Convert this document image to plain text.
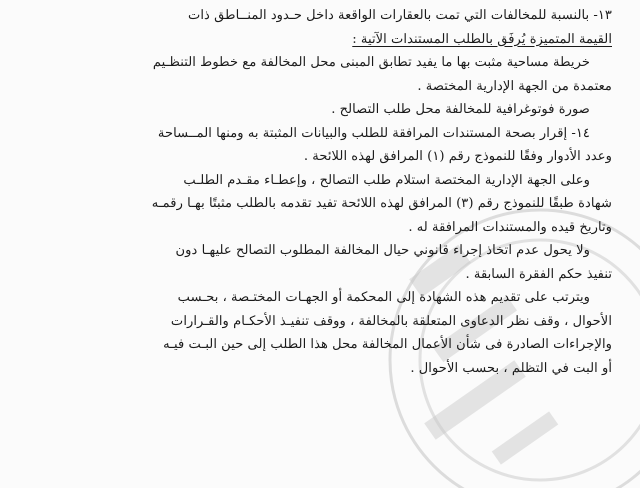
١٣- بالنسبة للمخالفات التي تمت بالعقارات الواقعة داخل حـدود المنــاطق ذات
القيمة المتميزة يُرفَق بالطلب المستندات الآتية :
خريطة مساحية مثبت بها ما يفيد تطابق المبنى محل المخالفة مع خطوط التنظـيم
معتمدة من الجهة الإدارية المختصة .
صورة فوتوغرافية للمخالفة محل طلب التصالح .
١٤- إقرار بصحة المستندات المرافقة للطلب والبيانات المثبتة به ومنها المــساحة
وعدد الأدوار وفقًا للنموذج رقم (١) المرافق لهذه اللائحة .
وعلى الجهة الإدارية المختصة استلام طلب التصالح ، وإعطـاء مقـدم الطلـب
شهادة طبقًا للنموذج رقم (٣) المرافق لهذه اللائحة تفيد تقدمه بالطلب مثبتًا بهـا رقمـه
وتاريخ قيده والمستندات المرافقة له .
ولا يحول عدم اتخاذ إجراء قانوني حيال المخالفة المطلوب التصالح عليهـا دون
تنفيذ حكم الفقرة السابقة .
ويترتب على تقديم هذه الشهادة إلى المحكمة أو الجهـات المختـصة ، بحـسب
الأحوال ، وقف نظر الدعاوى المتعلقة بالمخالفة ، ووقف تنفيـذ الأحكـام والقـرارات
والإجراءات الصادرة فى شأن الأعمال المخالفة محل هذا الطلب إلى حين البـت فيـه
أو البت في التظلم ، بحسب الأحوال .
